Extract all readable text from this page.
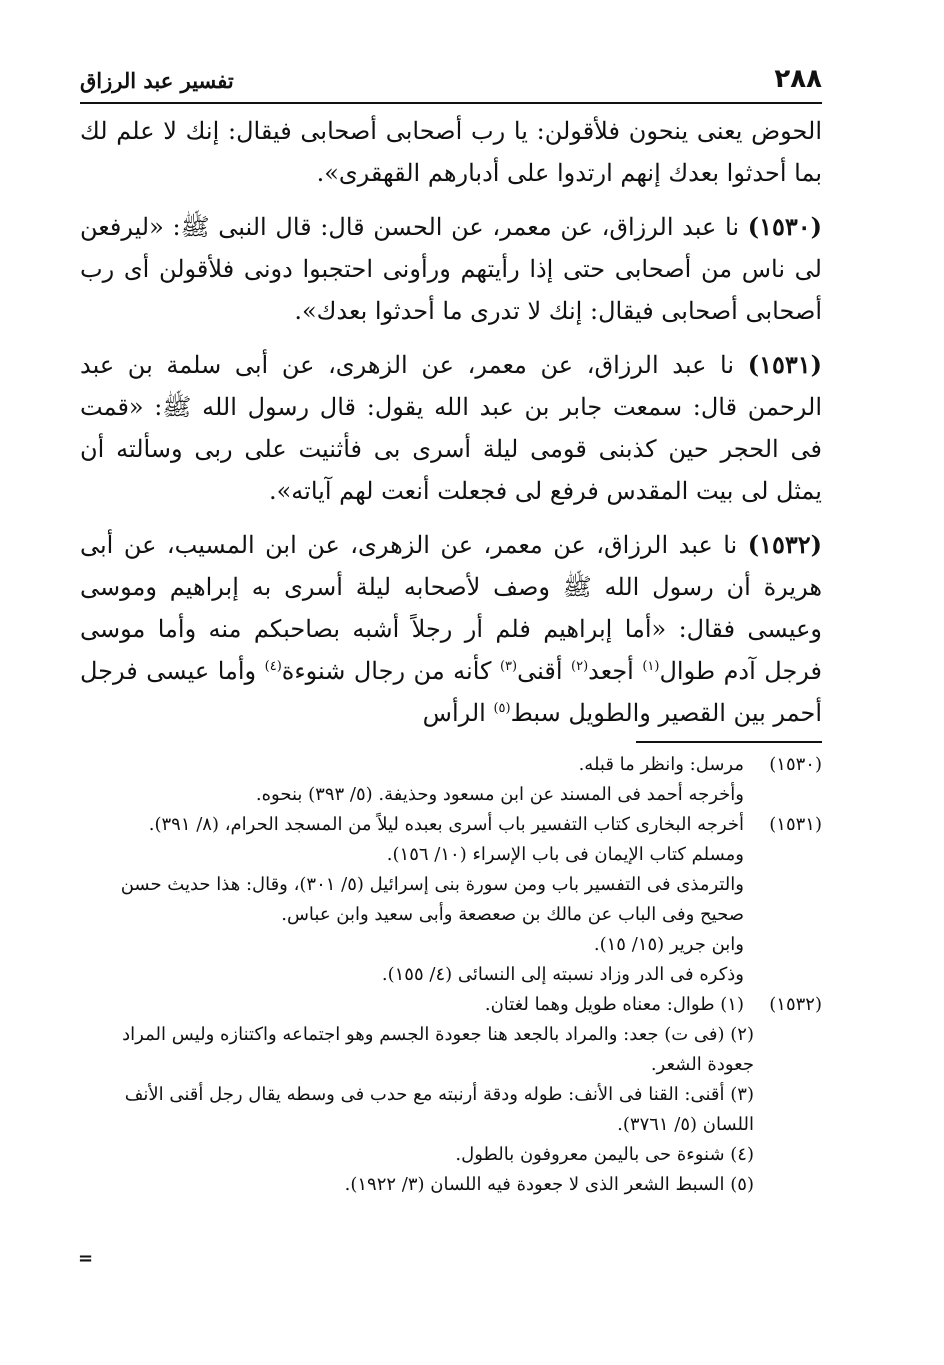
٢٨٨
تفسير عبد الرزاق

الحوض يعنى ينحون فلأقولن: يا رب أصحابى أصحابى فيقال: إنك لا علم لك بما أحدثوا بعدك إنهم ارتدوا على أدبارهم القهقرى».

(١٥٣٠) نا عبد الرزاق، عن معمر، عن الحسن قال: قال النبى ﷺ: «ليرفعن لى ناس من أصحابى حتى إذا رأيتهم ورأونى احتجبوا دونى فلأقولن أى رب أصحابى أصحابى فيقال: إنك لا تدرى ما أحدثوا بعدك».

(١٥٣١) نا عبد الرزاق، عن معمر، عن الزهرى، عن أبى سلمة بن عبد الرحمن قال: سمعت جابر بن عبد الله يقول: قال رسول الله ﷺ: «قمت فى الحجر حين كذبنى قومى ليلة أسرى بى فأثنيت على ربى وسألته أن يمثل لى بيت المقدس فرفع لى فجعلت أنعت لهم آياته».

(١٥٣٢) نا عبد الرزاق، عن معمر، عن الزهرى، عن ابن المسيب، عن أبى هريرة أن رسول الله ﷺ وصف لأصحابه ليلة أسرى به إبراهيم وموسى وعيسى فقال: «أما إبراهيم فلم أر رجلاً أشبه بصاحبكم منه وأما موسى فرجل آدم طوال$^{(١)}$ أجعد$^{(٢)}$ أقنى$^{(٣)}$ كأنه من رجال شنوءة$^{(٤)}$ وأما عيسى فرجل أحمر بين القصير والطويل سبط$^{(٥)}$ الرأس

(١٥٣٠)
مرسل: وانظر ما قبله.
وأخرجه أحمد فى المسند عن ابن مسعود وحذيفة. (٥/ ٣٩٣) بنحوه.
(١٥٣١)
أخرجه البخارى كتاب التفسير باب أسرى بعبده ليلاً من المسجد الحرام، (٨/ ٣٩١).
ومسلم كتاب الإيمان فى باب الإسراء (١٠/ ١٥٦).
والترمذى فى التفسير باب ومن سورة بنى إسرائيل (٥/ ٣٠١)، وقال: هذا حديث حسن صحيح وفى الباب عن مالك بن صعصعة وأبى سعيد وابن عباس.
وابن جرير (١٥/ ١٥).
وذكره فى الدر وزاد نسبته إلى النسائى (٤/ ١٥٥).
(١٥٣٢)
(١) طوال: معناه طويل وهما لغتان.
(٢) (فى ت) جعد: والمراد بالجعد هنا جعودة الجسم وهو اجتماعه واكتنازه وليس المراد جعودة الشعر.
(٣) أقنى: القنا فى الأنف: طوله ودقة أرنبته مع حدب فى وسطه يقال رجل أقنى الأنف اللسان (٥/ ٣٧٦١).
(٤) شنوءة حى باليمن معروفون بالطول.
(٥) السبط الشعر الذى لا جعودة فيه اللسان (٣/ ١٩٢٢).
=
